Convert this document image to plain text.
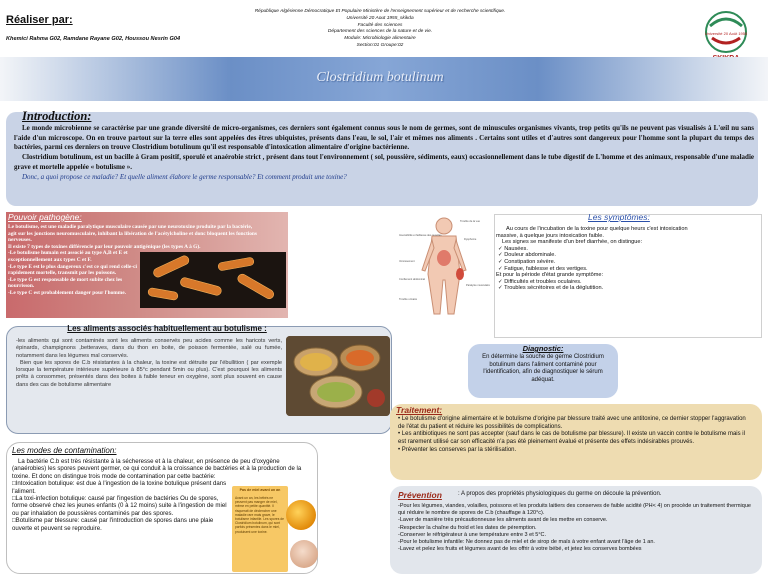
Réaliser par:
Khemici Rahma G02, Ramdane Rayane G02, Houssou Nesrin G04
République Algérienne Démocratique Et Populaire Ministère de l'enseignement supérieur et de recherche scientifique.
Université 20 Aout 1955_skikda
Faculté des sciences
Département des sciences de la nature et de vie.
Module: Microbiologie alimentaire
Section:01 Groupe:02
Université 20 Août 1955
Clostridium botulinum
Introduction:

Le monde microbienne se caractérise par une grande diversité de micro-organismes, ces derniers sont également connus sous le nom de germes, sont de minuscules organismes vivants, trop petits qu'ils ne peuvent pas visualisés à L'œil nu sans l'aide d'un microscope. On en trouve partout sur la terre elles sont appelées des êtres ubiquistes, présents dans l'eau, le sol, l'air et mêmes nos aliments . Certains sont utiles et d'autres sont dangereux pour l'homme sont la plupart du temps des bactéries, parmi ces derniers on trouve Clostridium botulinum qu'il est responsable d'intoxication alimentaire d'origine bactérienne.

Clostridium botulinum, est un bacille à Gram positif, sporulé et anaérobie strict , présent dans tout l'environnement ( sol, poussière, sédiments, eaux) occasionnellement dans le tube digestif de L'homme et des animaux, responsable d'une maladie grave et mortelle appelée « botulisme ».

Donc, a quoi propose ce maladie? Et quelle aliment élabore le germe responsable? Et comment produit une toxine?

Pouvoir pathogène:
Le botulisme, est une maladie paralytique musculaire causée par une neurotoxine produite par la bactérie, agit sur les jonctions neuromusculaire, inhibant la libération de l'acétylcholine et donc bloquent les fonctions nerveuses.
Il existe 7 types de toxines différencie par leur pouvoir antigénique (les types A à G).
-Le botulisme humain est associé au type A,B et E et exceptionnellement aux types C et F.
-Le type E est le plus dangereux c'est ce qui rend celle-ci rapidement mortelle, transmit par les poissons.
-Le type G est responsable de mort subite chez les nourrisson.
-Le type C est probablement danger pour l'homme.
Les aliments associés habituellement au botulisme :

-les aliments qui sont contaminés sont les aliments conservés peu acides comme les haricots verts, épinards, champignons ,betteraves, dans du thon en boite, de poisson fermentée, salé ou fumée, notamment dans les légumes mal conservés.

Bien que les spores de C.b résistantes à la chaleur, la toxine est détruite par l'ébullition ( par exemple lorsque la température intérieure supérieure à 85°c pendant 5min ou plus). C'est pourquoi les aliments prêts à consommer, présentés dans des boites à faible teneur en oxygène, sont plus souvent en cause dans des cas de botulisme alimentaire

Les modes de contamination:

La bactérie C.b est très résistante à la sécheresse et à la chaleur, en présence de peu d'oxygène (anaérobies) les spores peuvent germer, ce qui conduit à la croissance de bactéries et à la production de la toxine. Et donc on distingue trois mode de contamination par cette bactérie:

□Intoxication botulique: est due à l'ingestion de la toxine botulique présent dans l'aliment.

□La toxi-infection botulique: causé par l'ingestion de bactéries Ou de spores, forme observé chez les jeunes enfants (0 à 12 moins) suite à l'ingestion de miel ou par inhalation de poussières contaminés par des spores.

□Botulisme par blessure: causé par l'introduction de spores dans une plaie ouverte et peuvent se reproduire.

Pas de miel avant un an
Avant un an, les bébés ne peuvent pas manger de miel, même en petite quantité. Il risquerait de déclencher une maladie rare mais grave, le botulisme infantile. Les spores de Clostridium botulinum, qui sont parfois présentes dans le miel, produisent une toxine.
Insensibilité et faiblesse des muscles
Vomissement
Confiement abdominal
Trouble urinaire
Trouble de la vue
Dysphonie
Paralysie musculaire
Les symptômes:
Au cours de l'incubation de la toxine pour quelque heurs c'est intoxication
massive, à quelque jours intoxication faible.
Les signes se manifeste d'un bref diarrhée, on distingue:
✓ Nausées.
✓ Douleur abdominale.
✓ Constipation sévère.
✓ Fatigue, faiblesse et des vertiges.
Et pour la période d'état grande symptôme:
✓ Difficultés et troubles oculaires.
✓ Troubles sécrétoires et de la déglutition.
Diagnostic:
En détermine la souche de germe Clostridium botulinum dans l'aliment contaminé pour l'identification, afin de diagnostiquer le sérum adéquat.
Traitement:
• Le botulisme d'origine alimentaire et le botulisme d'origine par blessure traité avec une antitoxine, ce dernier stopper l'aggravation de l'état du patient et réduire les possibilités de complications.
• Les antibiotiques ne sont pas accepter (sauf dans le cas de botulisme par blessure). Il existe un vaccin contre le botulisme mais il est rarement utilisé car son efficacité n'a pas été pleinement évalué et présente des effets indésirables prouvés.
• Préventer les conserves par la stérilisation.
Prévention	: A propos des propriétés physiologiques du germe on découle la prévention.
-Pour les légumes, viandes, volailles, poissons et les produits laitiers des conserves de faible acidité (PH< 4) on procède un traitement thermique qui réduire le nombre de spores de C.b (chauffage à 120°c).
-Laver de manière très précautionneuse les aliments avant de les mettre en conserve.
-Respecter la chaîne du froid et les dates de péremption.
-Conserver le réfrigérateur à une température entre 3 et 5°C.
-Pour le botulisme infantile: Ne donnez pas de miel et de sirop de maïs à votre enfant avant l'âge de 1 an.
-Lavez et pelez les fruits et légumes avant de les offrir à votre bébé, et jetez les conserves bombées
